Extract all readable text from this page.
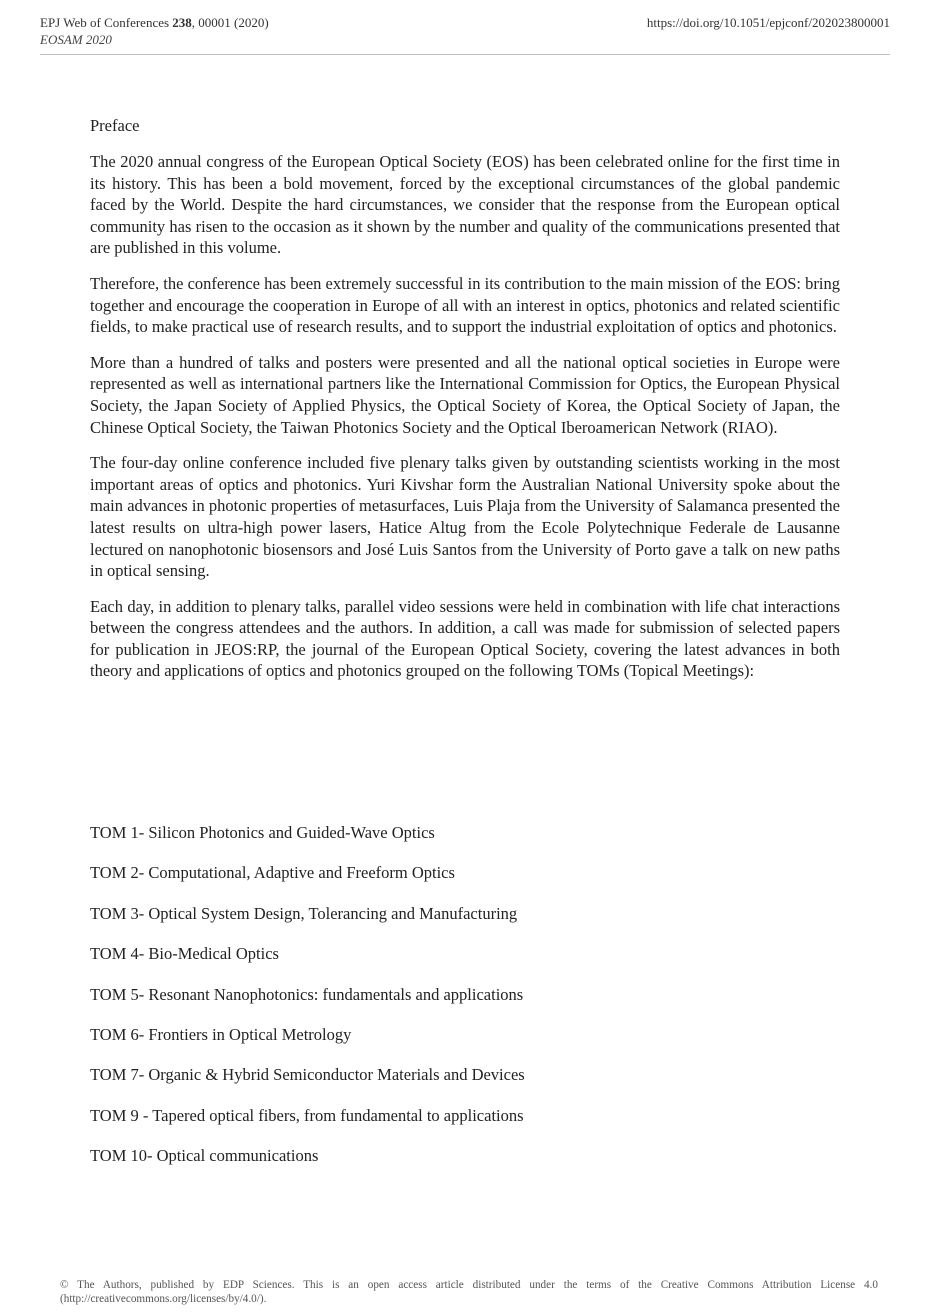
EPJ Web of Conferences 238, 00001 (2020)
EOSAM 2020
https://doi.org/10.1051/epjconf/202023800001
Preface

The 2020 annual congress of the European Optical Society (EOS) has been celebrated online for the first time in its history. This has been a bold movement, forced by the exceptional circumstances of the global pandemic faced by the World. Despite the hard circumstances, we consider that the response from the European optical community has risen to the occasion as it shown by the number and quality of the communications presented that are published in this volume.

Therefore, the conference has been extremely successful in its contribution to the main mission of the EOS: bring together and encourage the cooperation in Europe of all with an interest in optics, photonics and related scientific fields, to make practical use of research results, and to support the industrial exploitation of optics and photonics.

More than a hundred of talks and posters were presented and all the national optical societies in Europe were represented as well as international partners like the International Commission for Optics, the European Physical Society, the Japan Society of Applied Physics, the Optical Society of Korea, the Optical Society of Japan, the Chinese Optical Society, the Taiwan Photonics Society and the Optical Iberoamerican Network (RIAO).

The four-day online conference included five plenary talks given by outstanding scientists working in the most important areas of optics and photonics. Yuri Kivshar form the Australian National University spoke about the main advances in photonic properties of metasurfaces, Luis Plaja from the University of Salamanca presented the latest results on ultra-high power lasers, Hatice Altug from the Ecole Polytechnique Federale de Lausanne lectured on nanophotonic biosensors and José Luis Santos from the University of Porto gave a talk on new paths in optical sensing.

Each day, in addition to plenary talks, parallel video sessions were held in combination with life chat interactions between the congress attendees and the authors. In addition, a call was made for submission of selected papers for publication in JEOS:RP, the journal of the European Optical Society, covering the latest advances in both theory and applications of optics and photonics grouped on the following TOMs (Topical Meetings):

TOM 1- Silicon Photonics and Guided-Wave Optics
TOM 2- Computational, Adaptive and Freeform Optics
TOM 3- Optical System Design, Tolerancing and Manufacturing
TOM 4- Bio-Medical Optics
TOM 5- Resonant Nanophotonics: fundamentals and applications
TOM 6- Frontiers in Optical Metrology
TOM 7- Organic & Hybrid Semiconductor Materials and Devices
TOM 9 - Tapered optical fibers, from fundamental to applications
TOM 10- Optical communications
© The Authors, published by EDP Sciences. This is an open access article distributed under the terms of the Creative Commons Attribution License 4.0 (http://creativecommons.org/licenses/by/4.0/).
